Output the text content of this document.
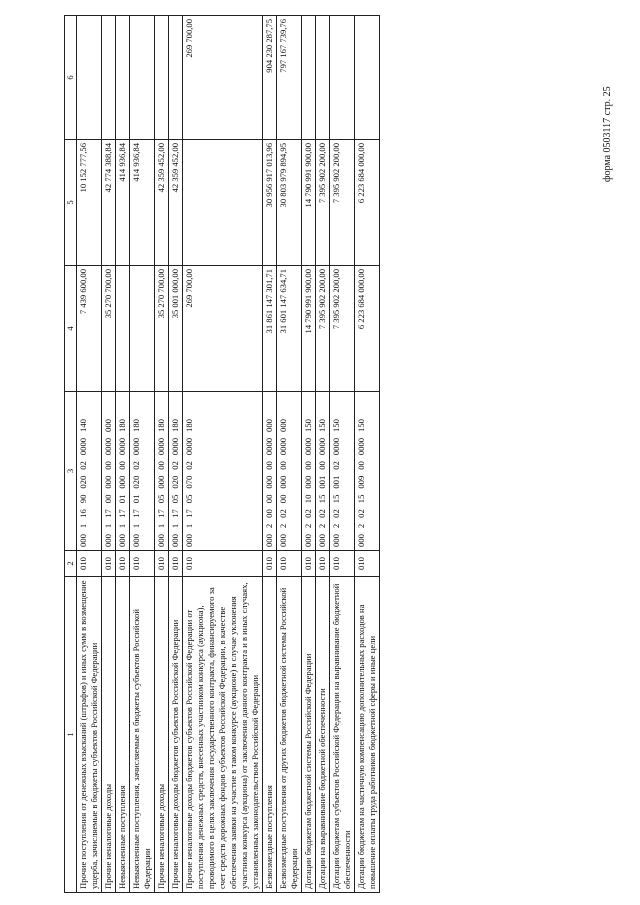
форма 0503117 стр. 25
1	2	3	4	5	6
Прочие поступления от денежных взысканий (штрафов) и иных сумм в возмещение ущерба, зачисляемые в бюджеты субъектов Российской Федерации	010	00011690020020000140	7 439 600,00	10 152 777,56	
Прочие неналоговые доходы	010	00011700000000000000	35 270 700,00	42 774 388,84	
Невыясненные поступления	010	00011701000000000180		414 936,84	
Невыясненные поступления, зачисляемые в бюджеты субъектов Российской Федерации	010	00011701020020000180		414 936,84	
Прочие неналоговые доходы	010	00011705000000000180	35 270 700,00	42 359 452,00	
Прочие неналоговые доходы бюджетов субъектов Российской Федерации	010	00011705020020000180	35 001 000,00	42 359 452,00	
Прочие неналоговые доходы бюджетов субъектов Российской Федерации от поступления денежных средств, внесенных участником конкурса (аукциона), проводимого в целях заключения государственного контракта, финансируемого за счет средств дорожных фондов субъектов Российской Федерации, в качестве обеспечения заявки на участие в таком конкурсе (аукционе) в случае уклонения участника конкурса (аукциона) от заключения данного контракта и в иных случаях, установленных законодательством Российской Федерации	010	00011705070020000180	269 700,00		269 700,00
Безвозмездные поступления	010	00020000000000000000	31 861 147 301,71	30 956 917 013,96	904 230 287,75
Безвозмездные поступления от других бюджетов бюджетной системы Российской Федерации	010	00020200000000000000	31 601 147 634,71	30 803 979 894,95	797 167 739,76
Дотации бюджетам бюджетной системы Российской Федерации	010	00020210000000000150	14 790 991 900,00	14 790 991 900,00	
Дотации на выравнивание бюджетной обеспеченности	010	00020215001000000150	7 395 902 200,00	7 395 902 200,00	
Дотации бюджетам субъектов Российской Федерации на выравнивание бюджетной обеспеченности	010	00020215001020000150	7 395 902 200,00	7 395 902 200,00	
Дотации бюджетам на частичную компенсацию дополнительных расходов на повышение оплаты труда работников бюджетной сферы и иные цели	010	00020215009000000150	6 223 684 000,00	6 223 684 000,00	
